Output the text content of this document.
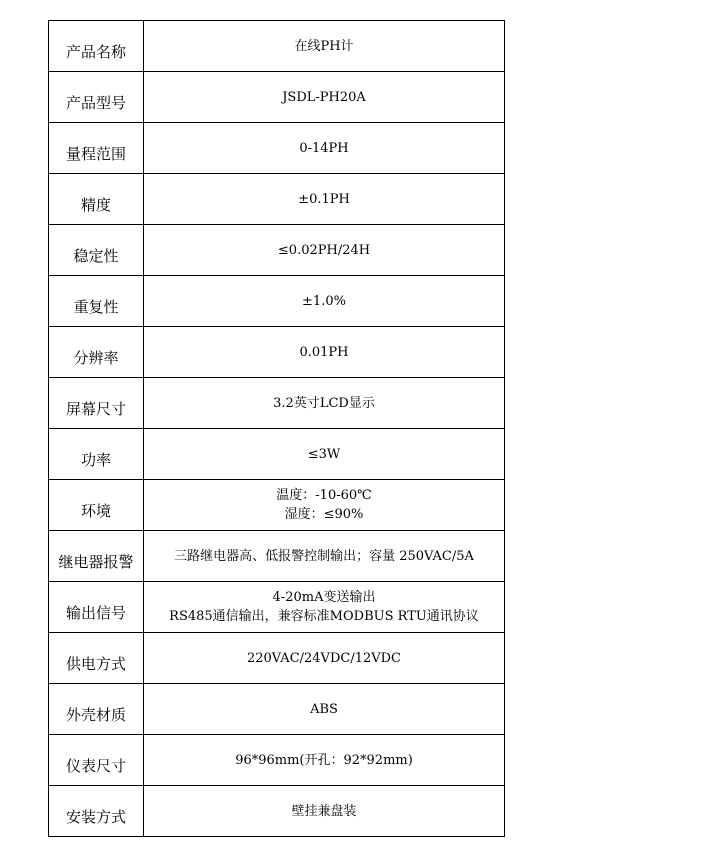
产品名称	在线PH计

产品型号	JSDL-PH20A

量程范围	0-14PH

精度	±0.1PH

稳定性	≤0.02PH/24H

重复性	±1.0%

分辨率	0.01PH

屏幕尺寸	3.2英寸LCD显示

功率	≤3W

环境	温度：-10-60℃
湿度：≤90%

继电器报警	三路继电器高、低报警控制输出；容量 250VAC/5A

输出信号	4-20mA变送输出
RS485通信输出，兼容标准MODBUS RTU通讯协议

供电方式	220VAC/24VDC/12VDC

外壳材质	ABS

仪表尺寸	96*96mm(开孔：92*92mm)

安装方式	壁挂兼盘装
